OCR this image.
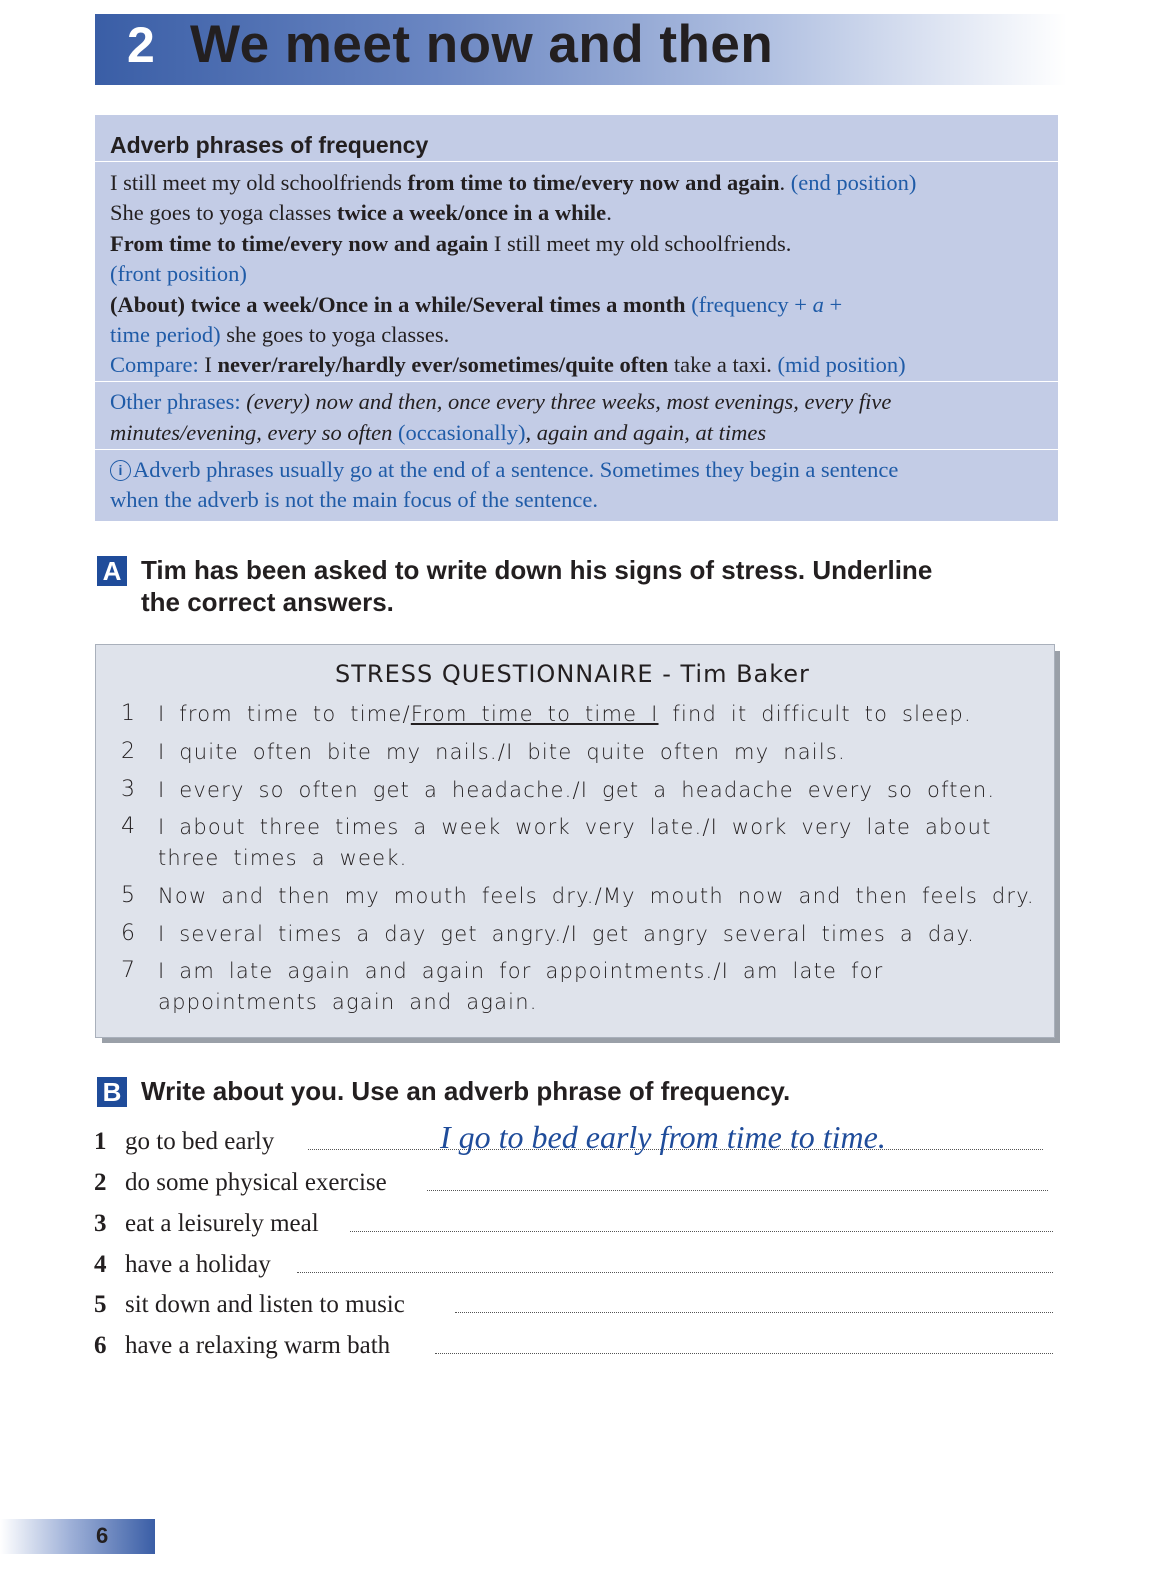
2 We meet now and then
Adverb phrases of frequency
I still meet my old schoolfriends from time to time/every now and again. (end position)
She goes to yoga classes twice a week/once in a while.
From time to time/every now and again I still meet my old schoolfriends.
(front position)
(About) twice a week/Once in a while/Several times a month (frequency + a +
time period) she goes to yoga classes.
Compare: I never/rarely/hardly ever/sometimes/quite often take a taxi. (mid position)
Other phrases: (every) now and then, once every three weeks, most evenings, every five
minutes/evening, every so often (occasionally), again and again, at times
i Adverb phrases usually go at the end of a sentence. Sometimes they begin a sentence
when the adverb is not the main focus of the sentence.
A Tim has been asked to write down his signs of stress. Underline
the correct answers.
STRESS QUESTIONNAIRE - Tim Baker
1 I from time to time/From time to time I find it difficult to sleep.
2 I quite often bite my nails./I bite quite often my nails.
3 I every so often get a headache./I get a headache every so often.
4 I about three times a week work very late./I work very late about three times a week.
5 Now and then my mouth feels dry./My mouth now and then feels dry.
6 I several times a day get angry./I get angry several times a day.
7 I am late again and again for appointments./I am late for appointments again and again.
B Write about you. Use an adverb phrase of frequency.
1 go to bed early	I go to bed early from time to time.
2 do some physical exercise
3 eat a leisurely meal
4 have a holiday
5 sit down and listen to music
6 have a relaxing warm bath
6
